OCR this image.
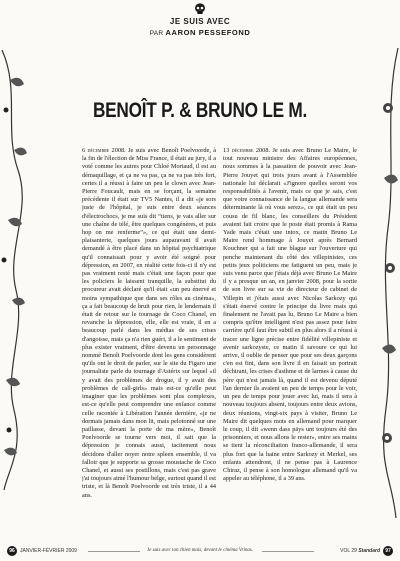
JE SUIS AVEC
PAR AARON PESSEFOND
BENOÎT P. & BRUNO LE M.

6 décembre 2008. Je suis avec Benoît Poelvoorde, à la fin de l'élection de Miss France, il était au jury, il a voté comme les autres pour Chloé Mortaud, il est au démaquillage, et ça ne va pas, ça ne va pas très fort, certes il a réussi à faire un peu le clown avec Jean-Pierre Foucault, mais en se forçant, la semaine précédente il était sur TV5 Nantes, il a dit «je sors juste de l'hôpital, je suis entre deux séances d'électrochocs, je me suis dit “tiens, je vais aller sur une chaîne de télé, être quelques congénères, et puis hop on me renferme”», ce qui était une demi-plaisanterie, quelques jours auparavant il avait demandé à être placé dans un hôpital psychiatrique qu'il connaissait pour y avoir été soigné pour dépression, en 2007, en réalité cette fois-ci il n'y est pas vraiment resté mais c'était une façon pour que les policiers le laissent tranquille, la substitut du procureur avait déclaré qu'il était «un peu énervé et moins sympathique que dans ses rôles au cinéma», ça a fait beaucoup de bruit pour rien, le lendemain il était de retour sur le tournage de Coco Chanel, en revanche la dépression, elle, elle est vraie, il en a beaucoup parlé dans les médias de ses crises d'angoisse, mais ça n'a rien guéri, il a le sentiment de plus exister vraiment, d'être devenu un personnage nommé Benoît Poelvoorde dont les gens considèrent qu'ils ont le droit de parler, sur le site du Figaro une journaliste parle du tournage d'Astérix sur lequel «il y avait des problèmes de drogue, il y avait des problèmes de call-girls» mais est-ce qu'elle peut imaginer que les problèmes sont plus complexes, est-ce qu'elle peut comprendre une enfance comme celle racontée à Libération l'année dernière, «je ne dormais jamais dans mon lit, mais pelotonné sur une paillasse, devant la porte de ma mère», Benoît Poelvoorde se tourne vers moi, il sait que la dépression je connais aussi, tacitement nous décidons d'aller noyer notre spleen ensemble, il va falloir que je supporte sa grosse moustache de Coco Chanel, et aussi ses postillons, mais c'est pas grave j'ai toujours aimé l'humour belge, surtout quand il est triste, et là Benoît Poelvoorde est très triste, il a 44 ans.

13 décembre 2008. Je suis avec Bruno Le Maire, le tout nouveau ministre des Affaires européennes, nous sommes à la passation de pouvoir avec Jean-Pierre Jouyet qui trois jours avant à l'Assemblée nationale lui déclarait «J'ignore quelles seront vos responsabilités à l'avenir, mais ce que je sais, c'est que votre connaissance de la langue allemande sera déterminante là où vous serez», ce qui était un peu cousu de fil blanc, les conseillers du Président avaient fait croire que le poste était promis à Rama Yade mais c'était une intox, ce matin Bruno Le Maire rend hommage à Jouyet après Bernard Kouchner qui a fait une blague sur l'ouverture qui penche maintenant du côté des villepinistes, ces petits jeux politiciens me fatiguent un peu, mais je suis venu parce que j'étais déjà avec Bruno Le Maire il y a presque un an, en janvier 2008, pour la sortie de son livre sur sa vie de directeur de cabinet de Villepin et j'étais aussi avec Nicolas Sarkozy qui s'était énervé contre le principe du livre mais qui finalement ne l'avait pas lu, Bruno Le Maire a bien compris qu'être intelligent n'est pas assez pour faire carrière qu'il faut être subtil en plus alors il a réussi à tracer une ligne précise entre fidélité villepiniste et avenir sarkozyste, ce matin il savoure ce qui lui arrive, il oublie de penser que pour ses deux garçons c'en est fini, dans son livre il en faisait un portrait déchirant, les crises d'asthme et de larmes à cause du père qui n'est jamais là, quand il est devenu député l'an dernier ils avaient un peu de temps pour le voir, un peu de temps pour jouer avec lui, mais il sera à nouveau toujours absent, toujours entre deux avions, deux réunions, vingt-six pays à visiter, Bruno Le Maire dit quelques mots en allemand pour marquer le coup, il dit «wenn dass päys unt toujours été des prisonniers, et nous allons le rester», entre ses mains se tient la réconciliation franco-allemande, il sera plus fort que la haine entre Sarkozy et Merkel, ses enfants attendront, il ne pense pas à Laurence Chiraz, il pense à son homologue allemand qu'il va appeler au téléphone, il a 39 ans.

96	JANVIER-FÉVRIER 2009	Je suis avec ton chien mais, devant le cinéma Vrinas.	VOL 29 Standard	97
